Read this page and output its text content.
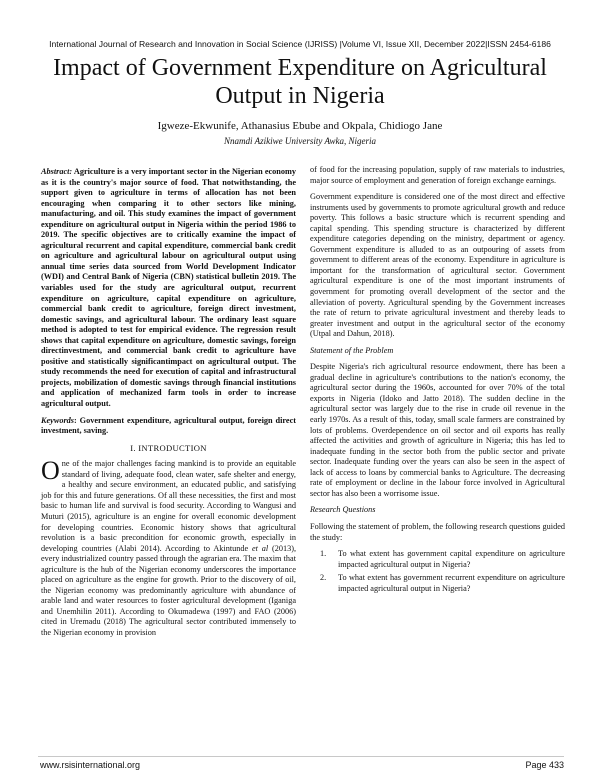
International Journal of Research and Innovation in Social Science (IJRISS) |Volume VI, Issue XII, December 2022|ISSN 2454-6186
Impact of Government Expenditure on Agricultural
Output in Nigeria
Igweze-Ekwunife, Athanasius Ebube and Okpala, Chidiogo Jane
Nnamdi Azikiwe University Awka, Nigeria

Abstract: Agriculture is a very important sector in the Nigerian economy as it is the country's major source of food. That notwithstanding, the support given to agriculture in terms of allocation has not been encouraging when comparing it to other sectors like mining, manufacturing, and oil. This study examines the impact of government expenditure on agricultural output in Nigeria within the period 1986 to 2019. The specific objectives are to critically examine the impact of agricultural recurrent and capital expenditure, commercial bank credit on agriculture and agricultural labour on agricultural output using annual time series data sourced from World Development Indicator (WDI) and Central Bank of Nigeria (CBN) statistical bulletin 2019. The variables used for the study are agricultural output, recurrent expenditure on agriculture, capital expenditure on agriculture, commercial bank credit to agriculture, foreign direct investment, domestic savings, and agricultural labour. The ordinary least square method is adopted to test for empirical evidence. The regression result shows that capital expenditure on agriculture, domestic savings, foreign directinvestment, and commercial bank credit to agriculture have positive and statistically significantimpact on agricultural output. The study recommends the need for execution of capital and infrastructural projects, mobilization of domestic savings through financial institutions and application of mechanized farm tools in order to increase agricultural output.

Keywords: Government expenditure, agricultural output, foreign direct investment, saving.

I. INTRODUCTION

One of the major challenges facing mankind is to provide an equitable standard of living, adequate food, clean water, safe shelter and energy, a healthy and secure environment, an educated public, and satisfying job for this and future generations. Of all these necessities, the first and most basic to human life and survival is food security. According to Wangusi and Muturi (2015), agriculture is an engine for overall economic development for developing countries. Economic history shows that agricultural revolution is a basic precondition for economic growth, especially in developing countries (Alabi 2014). According to Akintunde et al (2013), every industrialized country passed through the agrarian era. The maxim that agriculture is the hub of the Nigerian economy underscores the importance placed on agriculture as the engine for growth. Prior to the discovery of oil, the Nigerian economy was predominantly agriculture with abundance of arable land and water resources to foster agricultural development (Iganiga and Unemhilin 2011). According to Okumadewa (1997) and FAO (2006) cited in Uremadu (2018) The agricultural sector contributed immensely to the Nigerian economy in provision

of food for the increasing population, supply of raw materials to industries, major source of employment and generation of foreign exchange earnings.

Government expenditure is considered one of the most direct and effective instruments used by governments to promote agricultural growth and reduce poverty. This follows a basic structure which is recurrent spending and capital spending. This spending structure is characterized by different expenditure categories depending on the ministry, department or agency. Government expenditure is alluded to as an outpouring of assets from government to different areas of the economy. Expenditure in agriculture is important for the transformation of agricultural sector. Government agricultural expenditure is one of the most important instruments of government for promoting overall development of the sector and the alleviation of poverty. Agricultural spending by the Government increases the rate of return to private agricultural investment and thereby leads to greater investment and output in the agricultural sector of the economy (Utpal and Dahun, 2018).

Statement of the Problem

Despite Nigeria's rich agricultural resource endowment, there has been a gradual decline in agriculture's contributions to the nation's economy, the agricultural sector during the 1960s, accounted for over 70% of the total exports in Nigeria (Idoko and Jatto 2018). The sudden decline in the agricultural sector was largely due to the rise in crude oil revenue in the early 1970s. As a result of this, today, small scale farmers are constrained by lots of problems. Overdependence on oil sector and oil exports has really affected the activities and growth of agriculture in Nigeria; this has led to inadequate funding in the sector both from the public sector and private sector. Inadequate funding over the years can also be seen in the aspect of lack of access to loans by commercial banks to Agriculture. The decreasing rate of employment or decline in the labour force involved in Agricultural sector has also been a worrisome issue.

Research Questions

Following the statement of problem, the following research questions guided the study:

1.	To what extent has government capital expenditure on agriculture impacted agricultural output in Nigeria?
2.	To what extent has government recurrent expenditure on agriculture impacted agricultural output in Nigeria?
www.rsisinternational.org	Page 433
